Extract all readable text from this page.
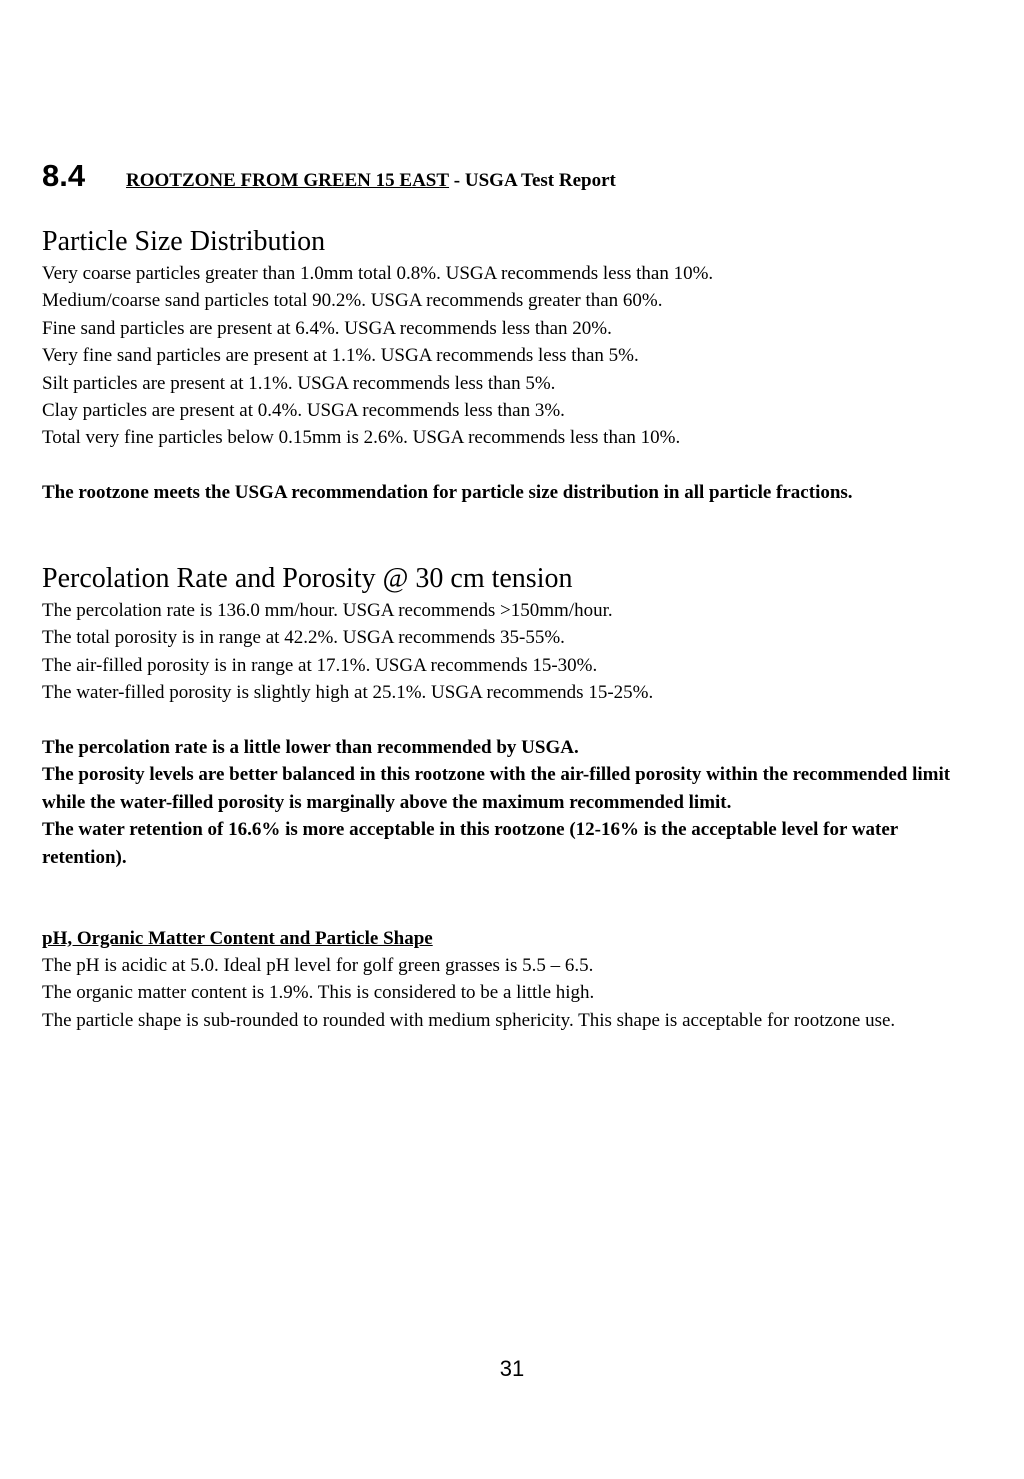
8.4	ROOTZONE FROM GREEN 15 EAST - USGA Test Report
Particle Size Distribution
Very coarse particles greater than 1.0mm total 0.8%. USGA recommends less than 10%.
Medium/coarse sand particles total 90.2%. USGA recommends greater than 60%.
Fine sand particles are present at 6.4%. USGA recommends less than 20%.
Very fine sand particles are present at 1.1%. USGA recommends less than 5%.
Silt particles are present at 1.1%. USGA recommends less than 5%.
Clay particles are present at 0.4%. USGA recommends less than 3%.
Total very fine particles below 0.15mm is 2.6%. USGA recommends less than 10%.

The rootzone meets the USGA recommendation for particle size distribution in all particle fractions.

Percolation Rate and Porosity @ 30 cm tension
The percolation rate is 136.0 mm/hour. USGA recommends >150mm/hour.
The total porosity is in range at 42.2%. USGA recommends 35-55%.
The air-filled porosity is in range at 17.1%. USGA recommends 15-30%.
The water-filled porosity is slightly high at 25.1%. USGA recommends 15-25%.

The percolation rate is a little lower than recommended by USGA.

The porosity levels are better balanced in this rootzone with the air-filled porosity within the recommended limit while the water-filled porosity is marginally above the maximum recommended limit.

The water retention of 16.6% is more acceptable in this rootzone (12-16% is the acceptable level for water retention).

pH, Organic Matter Content and Particle Shape

The pH is acidic at 5.0. Ideal pH level for golf green grasses is 5.5 – 6.5.

The organic matter content is 1.9%. This is considered to be a little high.

The particle shape is sub-rounded to rounded with medium sphericity. This shape is acceptable for rootzone use.

31
